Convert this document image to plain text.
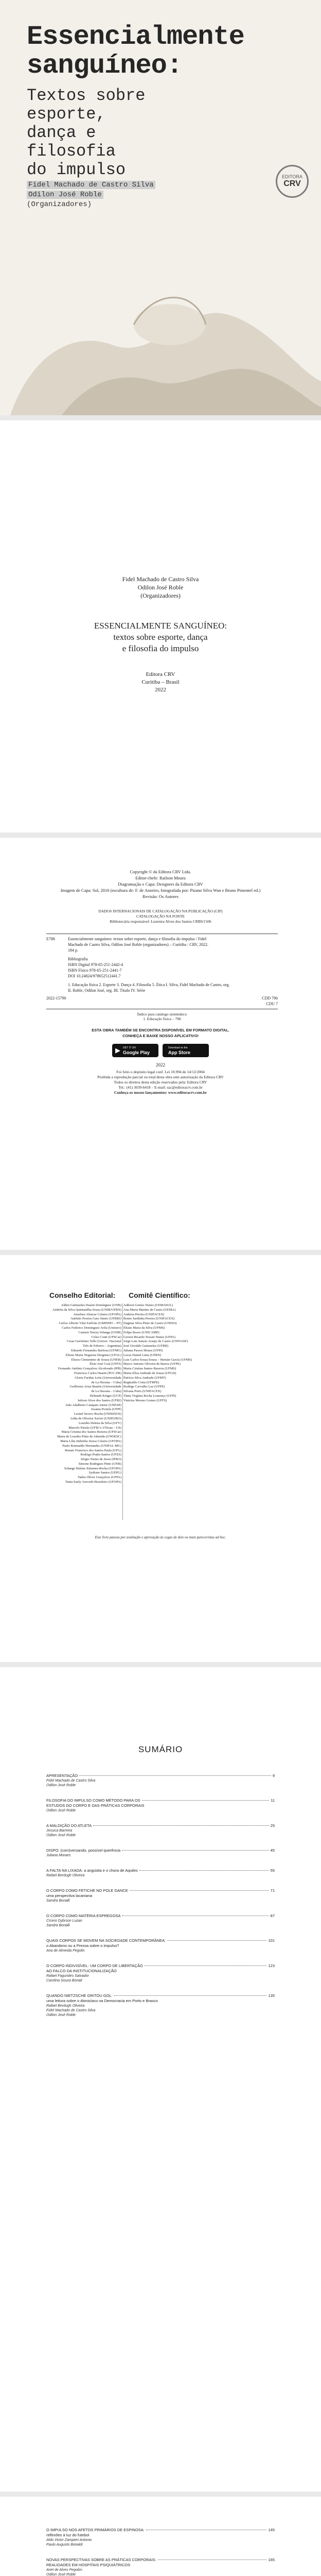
Essencialmente
sanguíneo:
Textos sobre
esporte,
dança e
filosofia
do impulso
Fidel Machado de Castro Silva
Odilon José Roble
(Organizadores)
EDITORA
CRV
Fidel Machado de Castro Silva
Odilon José Roble
(Organizadores)
ESSENCIALMENTE SANGUÍNEO:
textos sobre esporte, dança
e filosofia do impulso
Editora CRV
Curitiba – Brasil
2022
Copyright © da Editora CRV Ltda.
Editor-chefe: Railson Moura
Diagramação e Capa: Designers da Editora CRV
Imagem de Capa: Sol, 2016 (escultura de: F. de Anzeiro, fotografada por: Pizano Silva Wan e Bruno Pimentel ed.)
Revisão: Os Autores
DADOS INTERNACIONAIS DE CATALOGAÇÃO NA PUBLICAÇÃO (CIP)
CATALOGAÇÃO NA FONTE
Bibliotecária responsável: Luzenira Alves dos Santos CRB9/1506
E788	Essencialmente sanguíneo: textos sobre esporte, dança e filosofia do impulso / Fidel
Machado de Castro Silva, Odilon José Roble (organizadores) – Curitiba : CRV, 2022.
184 p.
Bibliografia
ISBN Digital 978-65-251-2442-4
ISBN Físico 978-65-251-2441-7
DOI 10.24824/978652512441.7
1. Educação física 2. Esporte 3. Dança 4. Filosofia 5. Ética I. Silva, Fidel Machado de Castro, org.
II. Roble, Odilon José, org. III. Título IV. Série
2022-15790	CDD 796
CDU 7
Índice para catálogo sistemático
1. Educação física – 796
ESTA OBRA TAMBÉM SE ENCONTRA DISPONÍVEL EM FORMATO DIGITAL.
CONHEÇA E BAIXE NOSSO APLICATIVO!
▶ GET IT ON
Google Play
Download on the
App Store
2022
Foi feito o depósito legal conf. Lei 10.994 de 14/12/2004
Proibida a reprodução parcial ou total desta obra sem autorização da Editora CRV
Todos os direitos desta edição reservados pela: Editora CRV
Tel.: (41) 3039-6418 – E-mail: sac@editoracrv.com.br
Conheça os nossos lançamentos: www.editoracrv.com.br
Conselho Editorial: Comitê Científico:
Aldira Guimarães Duarte Domínguez (UNB)
Andréia da Silva Quintanilha Sousa (UNIR/UFRN)
Anselmo Alencar Colares (UFOPA)
Antônio Pereira Gaio Júnior (UFRRJ)
Carlos Alberto Vilar Estêvão (UMINHO – PT)
Carlos Federico Dominguez Avila (Unieuro)
Carmen Tereza Velanga (UNIR)
Celso Conti (UFSCar)
Cesar Gerónimo Tello (Univer .Nacional
Três de Febrero – Argentina)
Eduardo Fernandes Barbosa (UFMG)
Elione Maria Nogueira Diogenes (UFAL)
Elizeu Clementino de Souza (UNEB)
Élsio José Corá (UFFS)
Fernando Antônio Gonçalves Alcoforado (IPB)
Francisco Carlos Duarte (PUC-PR)
Gloria Fariñas León (Universidade
de La Havana – Cuba)
Guillermo Arias Beatón (Universidade
de La Havana – Cuba)
Helmuth Krüger (UCP)
Jailson Alves dos Santos (UFRJ)
João Adalberto Campato Junior (UNESP)
Josania Portela (UFPI)
Leonel Severo Rocha (UNISINOS)
Lídia de Oliveira Xavier (UNIEURO)
Lourdes Helena da Silva (UFV)
Marcelo Paixão (UFRJ e UTexas – US)
Maria Cristina dos Santos Bezerra (UFSCar)
Maria de Lourdes Pinto de Almeida (UNOESC)
Maria Lília Imbiriba Sousa Colares (UFOPA)
Paulo Romualdo Hernandes (UNIFAL-MG)
Renato Francisco dos Santos Paula (UFG)
Rodrigo Pratte-Santos (UFES)
Sérgio Nunes de Jesus (IFRO)
Simone Rodrigues Pinto (UNB)
Solange Helena Ximenes-Rocha (UFOPA)
Sydione Santos (UEPG)
Tadeu Oliver Gonçalves (UFPA)
Tania Suely Azevedo Brasileiro (UFOPA)
Adilson Gomes Nunes (UEMASUL)
Ana Maria Martins de Castro (UEMA)
Andreia Pereira (UNIFACEX)
Bruno Sardinha Pereira (UNIFACEX)
Dagmar Silva Pinto de Castro (UNISO)
Eliane Maria da Silva (UFMS)
Felipe Bosso (UNICAMP)
Gerson Ricardo Tessari Nunes (UFPA)
Jorge Luis Sanzio Araujo de Castro (UNIVASF)
José Osvaldo Guimarães (UFRR)
Juliana Passos Moura (UFPI)
Lucas Daniel Lima (UFRN)
Luis Carlos Sousa Souza – Hernán García (UFMS)
Marco Antonio Oliveira de Barros (UFPE)
Maria Cristina Santos Bezerra (UFMS)
Maria Elisa Andrade de Sousa (UFGD)
Patrícia Silva Andrade (UFMT)
Reginaldo Costa (UFRPE)
Rodrigo Carvalho Luz (UFPE)
Silvana Porto (UNIFACEX)
Tânia Virgínia Rocha Lourenço (UFPI)
Vinicius Moraes Gomes (UFFS)
Este livro passou por avaliação e aprovação às cegas de dois ou mais pareceristas ad hoc.
SUMÁRIO
APRESENTAÇÃO	9
Fidel Machado de Castro Silva
Odilon José Roble
FILOSOFIA DO IMPULSO COMO MÉTODO PARA OS	11
ESTUDOS DO CORPO E DAS PRÁTICAS CORPORAIS
Odilon José Roble
A MALDIÇÃO DO ATLETA	25
Jessica Barreira
Odilon José Roble
DISPO: (com)versando, possível querência	45
Juliana Moraes
A FALTA NA LIXADA: a angústia e o chora de Aquiles	55
Rafael Berdugh Oliveira
O CORPO COMO FETICHE NO POLE DANCE	71
uma perspectiva lacaniana
Sandra Bonalli
O CORPO COMO MATÉRIA ESPREGOSA	87
Cícero Dybrson Luzan
Sandra Bonalli
QUAIS CORPOS SE MOVEM NA SOCIEDADE CONTEMPORÂNEA:	101
o Abandono ou a Pressa sobre o impulso?
Ana de Almeida Pegolin
O CORPO INDIVISÍVEL: UM CORPO DE LIBERTAÇÃO	123
AO FALCO DA INSTITUCIONALIZAÇÃO
Rafael Fagundes Salvador
Carolina Souza Bonati
QUANDO NIETZSCHE GRITOU GOL:	135
uma leitura sobre o dionisíaco na Democracia em Porto e Brasco
Rafael Berdugh Oliveira
Fidel Machado de Castro Silva
Odilon José Roble
O IMPULSO NOS AFETOS PRIMÁRIOS DE ESPINOSA:	145
reflexões à luz do futebol
Aldo Victor Zampieri Antonio
Paulo Augusto Bonaldi
NOVAS PERSPECTIVAS SOBRE AS PRÁTICAS CORPORAIS:	165
REALIDADES EM HOSPITAIS PSIQUIÁTRICOS
Ariel de Alves Pegolim
Odilon José Roble
